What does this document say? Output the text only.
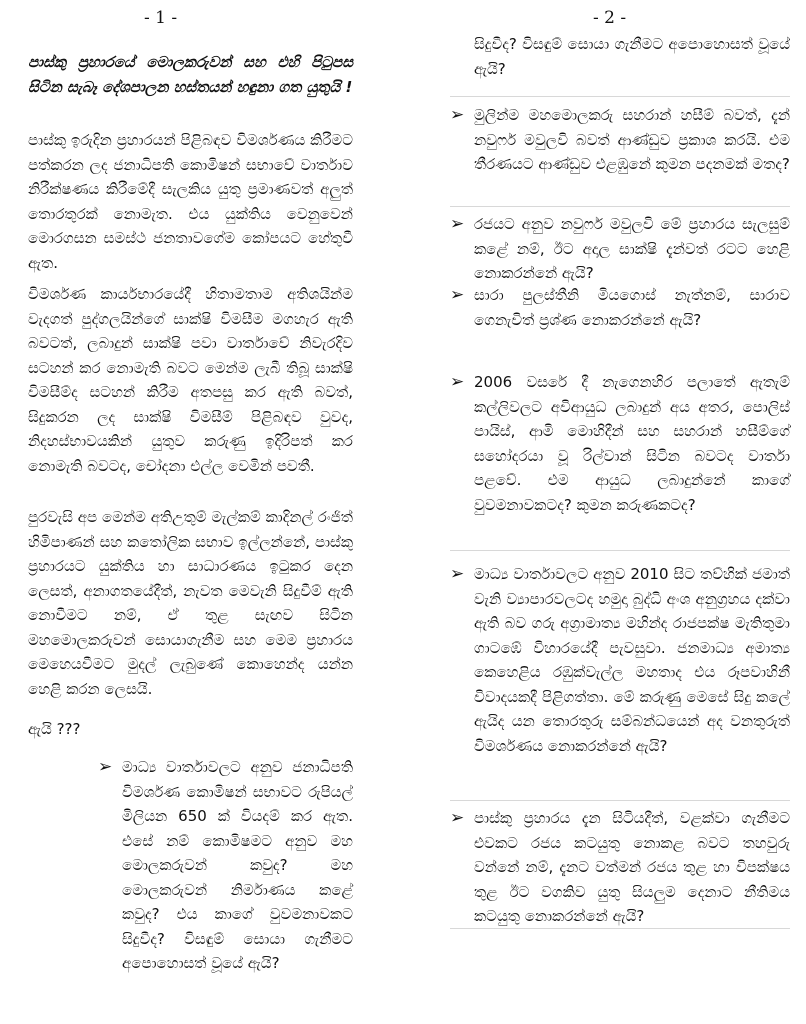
- 1 -	- 2 -

පාස්කු ප්‍රහාරයේ මොලකරුවන් සහ එහි පිටුපස සිටින සැබෑ දේශපාලන හස්තයන් හඳුනා ගත යුතුයි !

පාස්කු ඉරුදින ප්‍රහාරයන් පිළිබඳව විමර්ශණය කිරීමට පත්කරන ලද ජනාධිපති කොමිෂන් සභාවේ වාර්තාව නිරීක්ෂණය කිරීමේදී සැලකිය යුතු ප්‍රමාණවත් අලුත් තොරතුරක් නොමැත. එය යුක්තිය වෙනුවෙන් මොරගසන සමස්ථ ජනතාවගේම කෝපයට හේතුවී ඇත.

විමර්ශණ කාර්යභාරයේදී හිතාමතාම අතිශයින්ම වැදගත් පුද්ගලයින්ගේ සාක්ෂි විමසීම මගහැර ඇති බවටත්, ලබාදුන් සාක්ෂි පවා වාර්තාවේ නිවැරදිව සටහන් කර නොමැති බවට මෙන්ම ලැබී තිබූ සාක්ෂි විමසීම්ද සටහන් කිරීම අතපසු කර ඇති බවත්, සිදුකරන ලද සාක්ෂි විමසීම් පිළිබඳව වුවද, නිදහස්භාවයකින් යුතුව කරුණු ඉදිරිපත් කර නොමැති බවටද, චෝදනා එල්ල වෙමින් පවතී.

පුරවැසි අප මෙන්ම අතිඋතුම් මැල්කම් කාදිනල් රංජිත් හිමිපාණන් සහ කතෝලික සභාව ඉල්ලන්නේ, පාස්කු ප්‍රහාරයට යුක්තිය හා සාධාරණය ඉටුකර දෙන ලෙසත්, අනාගතයේදීත්, නැවත මෙවැනි සිදුවීම් ඇති නොවීමට නම්, ඒ තුළ සැඟව සිටින මහමොලකරුවන් සොයාගැනීම සහ මෙම ප්‍රහාරය මෙහෙයවීමට මුදල් ලැබුණේ කොහෙන්ද යන්න හෙළි කරන ලෙසයි.

ඇයි ???

➢ මාධ්‍ය වාර්තාවලට අනුව ජනාධිපති විමර්ශණ කොමිෂන් සභාවට රුපියල් මිලියන 650 ක් වියදම් කර ඇත. එසේ නම් කොමිෂමට අනුව මහ මොලකරුවන් කවුද? මහ මොලකරුවන් නිර්මාණය කළේ කවුද? එය කාගේ වුවමනාවකට සිදුවීද? විසඳුම් සොයා ගැනීමට අපොහොසත් වූයේ ඇයි?

සිදුවීද? විසඳුම් සොයා ගැනීමට අපොහොසත් වූයේ ඇයි?

➢ මුලින්ම මහමොලකරු සහරාන් හසීම් බවත්, දැන් නවුෆර් මවුලවි බවත් ආණ්ඩුව ප්‍රකාශ කරයි. එම තීරණයට ආණ්ඩුව එළඹුනේ කුමන පදනමක් මතද?

➢ රජයට අනුව නවුෆර් මවුලවි මේ ප්‍රහාරය සැලසුම් කළේ නම්, ඊට අදාල සාක්ෂි දැන්වත් රටට හෙළි නොකරන්නේ ඇයි?

➢ සාරා පුලස්තීනි මියගොස් නැත්නම්, සාරාව ගෙනැවිත් ප්‍රශ්ණ නොකරන්නේ ඇයි?

➢ 2006 වසරේ දී නැගෙනහිර පලාතේ ඇතැම් කල්ලිවලට අවිආයුධ ලබාදුන් අය අතර, පොලිස් පායිස්, ආමි මොහිදීන් සහ සහරාන් හසීම්ගේ සහෝදරයා වූ රිල්වාන් සිටින බවටද වාර්තා පළවේ. එම ආයුධ ලබාදුන්නේ කාගේ වුවමනාවකටද? කුමන කරුණකටද?

➢ මාධ්‍ය වාර්තාවලට අනුව 2010 සිට තව්හික් ජමාත් වැනි ව්‍යාපාරවලටද හමුදා බුද්ධි අංශ අනුග්‍රහය දක්වා ඇති බව ගරු අග්‍රාමාත්‍ය මහින්ද රාජපක්ෂ මැතිතුමා ගාටඹේ විහාරයේදී පැවසුවා. ජනමාධ්‍ය අමාත්‍ය කෙහෙළිය රඹුක්වැල්ල මහතාද එය රූපවාහිනී විවාදයකදී පිළිගත්තා. මේ කරුණු මෙසේ සිදු කලේ ඇයිද යන තොරතුරු සම්බන්ධයෙන් අද වනතුරුත් විමර්ශණය නොකරන්නේ ඇයි?

➢ පාස්කු ප්‍රහාරය දැන සිටියදීත්, වළක්වා ගැනීමට එවකට රජය කටයුතු නොකළ බවට තහවුරු වන්නේ නම්, දැනට වත්මන් රජය තුළ හා විපක්ෂය තුළ ඊට වගකිව යුතු සියලුම දෙනාට නීතිමය කටයුතු නොකරන්නේ ඇයි?
